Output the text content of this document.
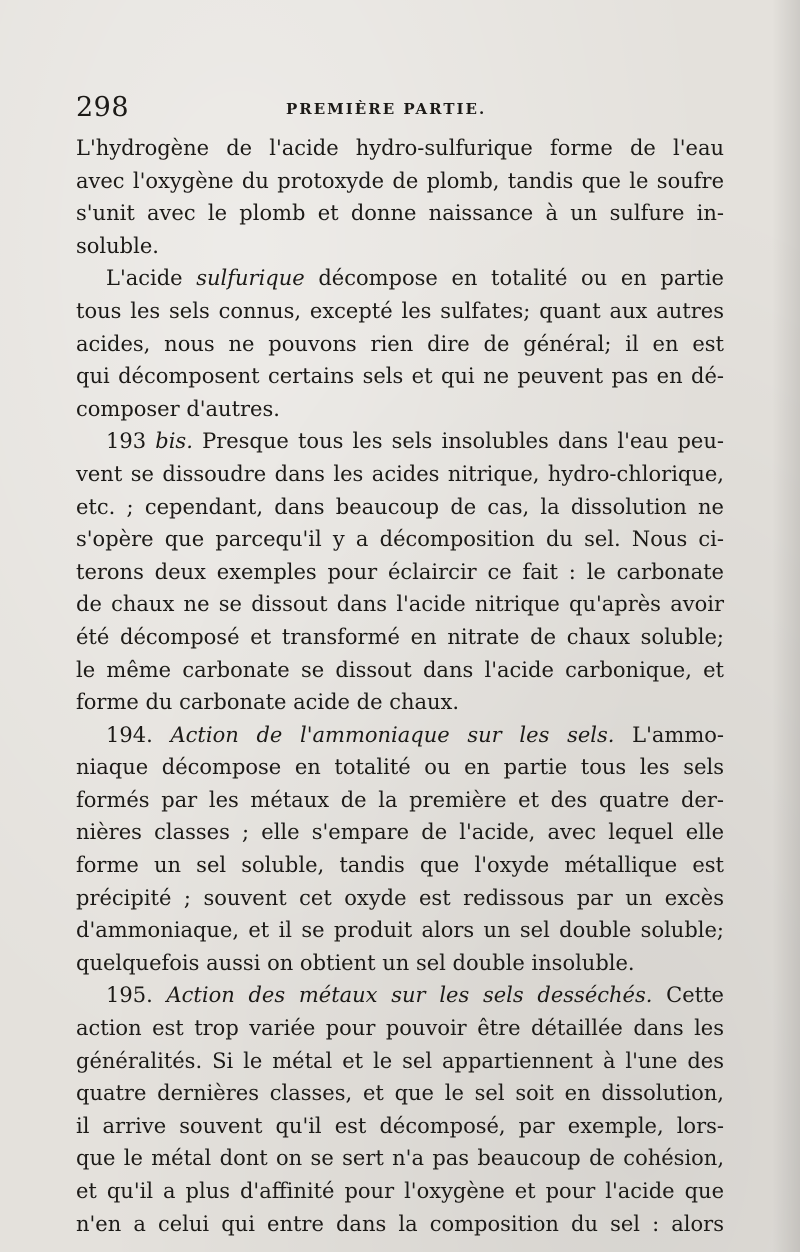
298	PREMIÈRE PARTIE.
L'hydrogène de l'acide hydro-sulfurique forme de l'eau
avec l'oxygène du protoxyde de plomb, tandis que le soufre
s'unit avec le plomb et donne naissance à un sulfure in-
soluble.
L'acide sulfurique décompose en totalité ou en partie
tous les sels connus, excepté les sulfates; quant aux autres
acides, nous ne pouvons rien dire de général; il en est
qui décomposent certains sels et qui ne peuvent pas en dé-
composer d'autres.
193 bis. Presque tous les sels insolubles dans l'eau peu-
vent se dissoudre dans les acides nitrique, hydro-chlorique,
etc. ; cependant, dans beaucoup de cas, la dissolution ne
s'opère que parcequ'il y a décomposition du sel. Nous ci-
terons deux exemples pour éclaircir ce fait : le carbonate
de chaux ne se dissout dans l'acide nitrique qu'après avoir
été décomposé et transformé en nitrate de chaux soluble;
le même carbonate se dissout dans l'acide carbonique, et
forme du carbonate acide de chaux.
194. Action de l'ammoniaque sur les sels. L'ammo-
niaque décompose en totalité ou en partie tous les sels
formés par les métaux de la première et des quatre der-
nières classes ; elle s'empare de l'acide, avec lequel elle
forme un sel soluble, tandis que l'oxyde métallique est
précipité ; souvent cet oxyde est redissous par un excès
d'ammoniaque, et il se produit alors un sel double soluble;
quelquefois aussi on obtient un sel double insoluble.
195. Action des métaux sur les sels desséchés. Cette
action est trop variée pour pouvoir être détaillée dans les
généralités. Si le métal et le sel appartiennent à l'une des
quatre dernières classes, et que le sel soit en dissolution,
il arrive souvent qu'il est décomposé, par exemple, lors-
que le métal dont on se sert n'a pas beaucoup de cohésion,
et qu'il a plus d'affinité pour l'oxygène et pour l'acide que
n'en a celui qui entre dans la composition du sel : alors
